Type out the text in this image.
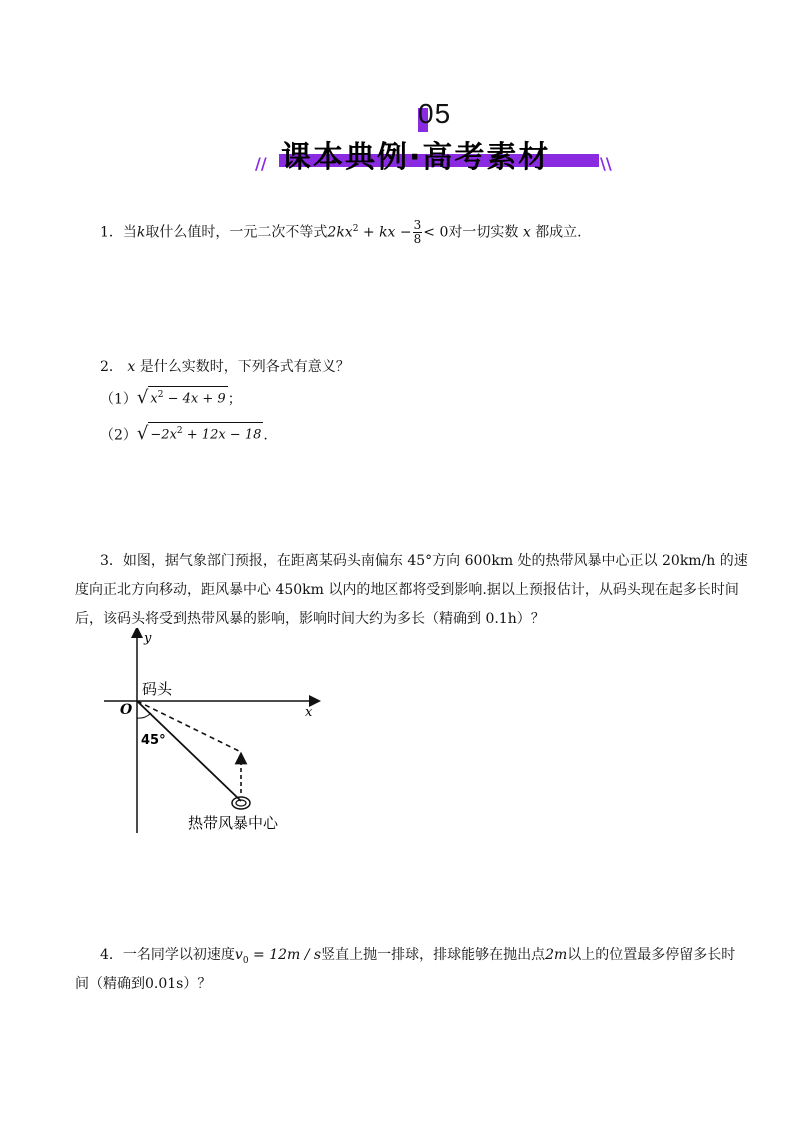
05
// 课本典例·高考素材	\\
1．当k取什么值时，一元二次不等式$2kx^2$ + kx − $\frac{3}{8} < 0$对一切实数 x 都成立.
2． x 是什么实数时，下列各式有意义？
（1） √ $x^2 - 4x + 9$ ；
（2） √ $-2x^2 + 12x - 18$ .
3．如图，据气象部门预报，在距离某码头南偏东 45°方向 600km 处的热带风暴中心正以 20km/h 的速
度向正北方向移动，距风暴中心 450km 以内的地区都将受到影响.据以上预报估计，从码头现在起多长时间
后，该码头将受到热带风暴的影响，影响时间大约为多长（精确到 0.1h）？
y
x
O
码头
45°
热带风暴中心
4．一名同学以初速度$v_0 = 12m / s$竖直上抛一排球，排球能够在抛出点2m以上的位置最多停留多长时
间（精确到0.01s）？
